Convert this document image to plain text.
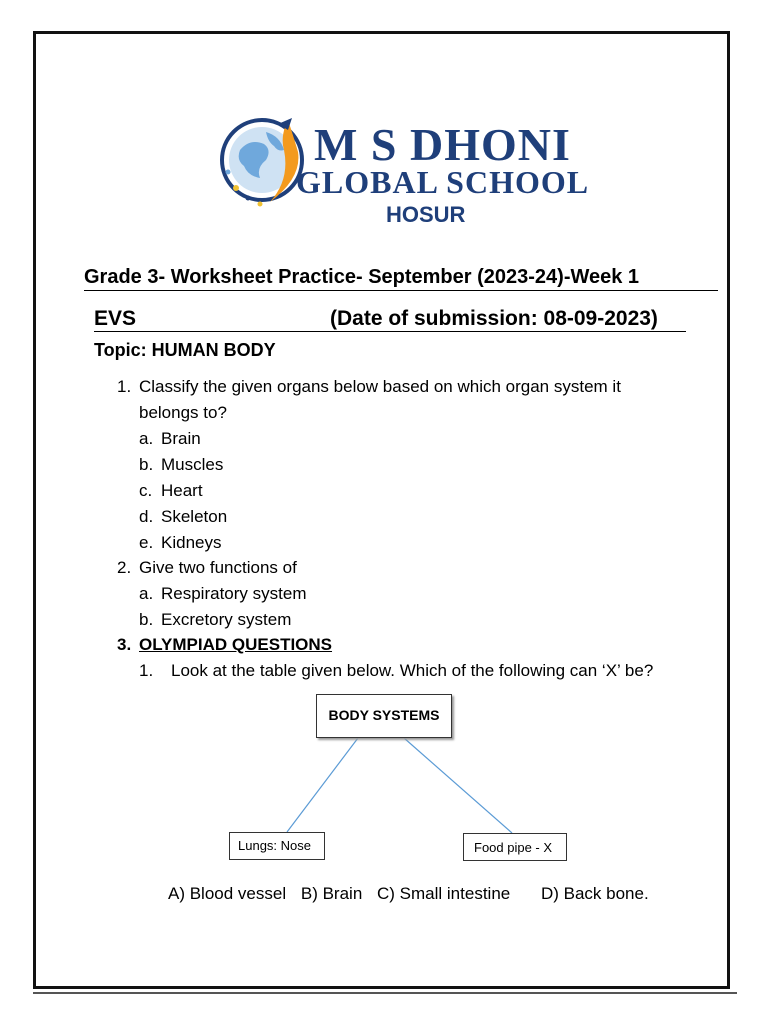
M S DHONI
GLOBAL SCHOOL
HOSUR
Grade 3- Worksheet Practice- September (2023-24)-Week 1
EVS	(Date of submission: 08-09-2023)
Topic: HUMAN BODY
1. Classify the given organs below based on which organ system it
belongs to?
a. Brain
b. Muscles
c. Heart
d. Skeleton
e. Kidneys
2. Give two functions of
a. Respiratory system
b. Excretory system
3. OLYMPIAD QUESTIONS
1. Look at the table given below. Which of the following can ‘X’ be?
BODY SYSTEMS
Lungs: Nose	Food pipe - X
A) Blood vessel B) Brain C) Small intestine D) Back bone.
